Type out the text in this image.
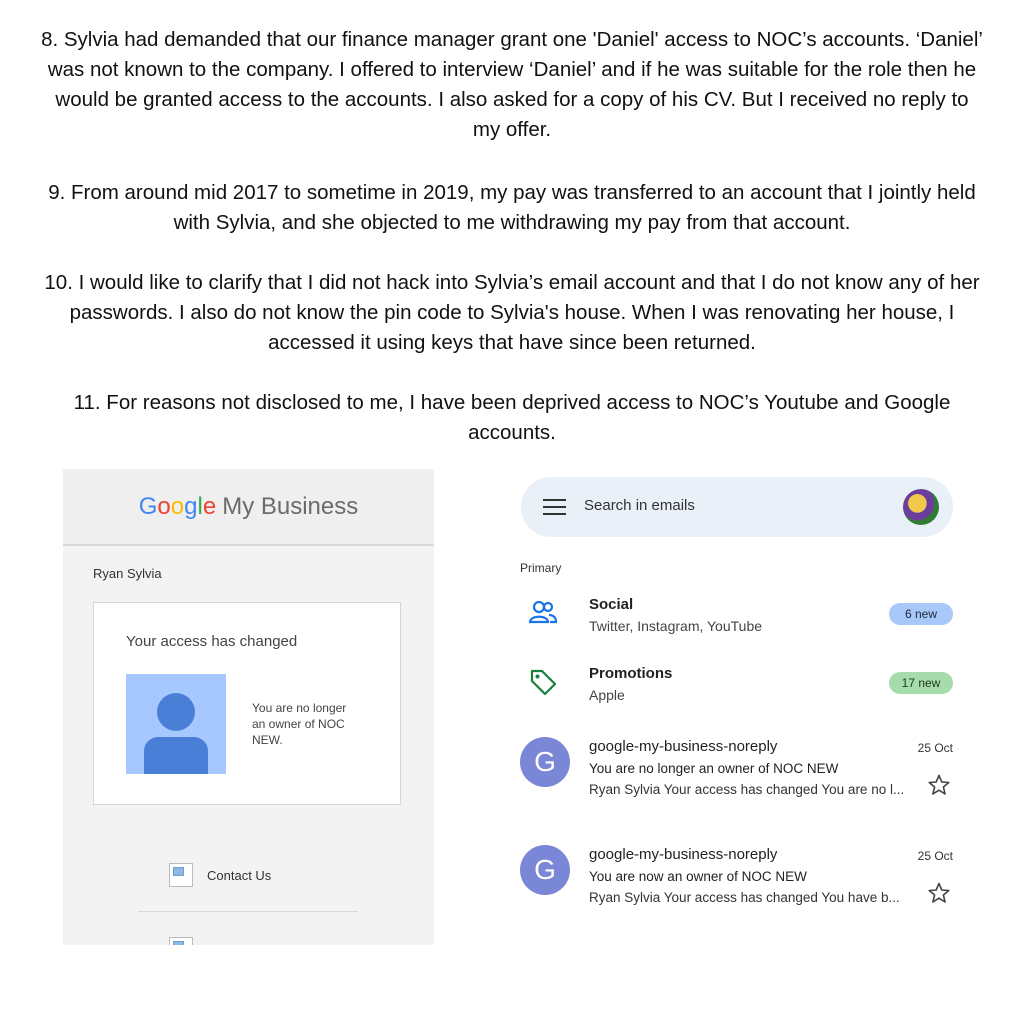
8. Sylvia had demanded that our finance manager grant one 'Daniel' access to NOC’s accounts. ‘Daniel’ was not known to the company. I offered to interview ‘Daniel’ and if he was suitable for the role then he would be granted access to the accounts. I also asked for a copy of his CV. But I received no reply to my offer.

9. From around mid 2017 to sometime in 2019, my pay was transferred to an account that I jointly held with Sylvia, and she objected to me withdrawing my pay from that account.

10. I would like to clarify that I did not hack into Sylvia’s email account and that I do not know any of her passwords. I also do not know the pin code to Sylvia's house. When I was renovating her house, I accessed it using keys that have since been returned.

11. For reasons not disclosed to me, I have been deprived access to NOC’s Youtube and Google accounts.

Google My Business
Ryan Sylvia
Your access has changed
You are no longer an owner of NOC NEW.
Contact Us
Search in emails
Primary
Social
Twitter, Instagram, YouTube
6 new
Promotions
Apple
17 new
G	google-my-business-noreply	25 Oct
You are no longer an owner of NOC NEW
Ryan Sylvia Your access has changed You are no l...
G	google-my-business-noreply	25 Oct
You are now an owner of NOC NEW
Ryan Sylvia Your access has changed You have b...
